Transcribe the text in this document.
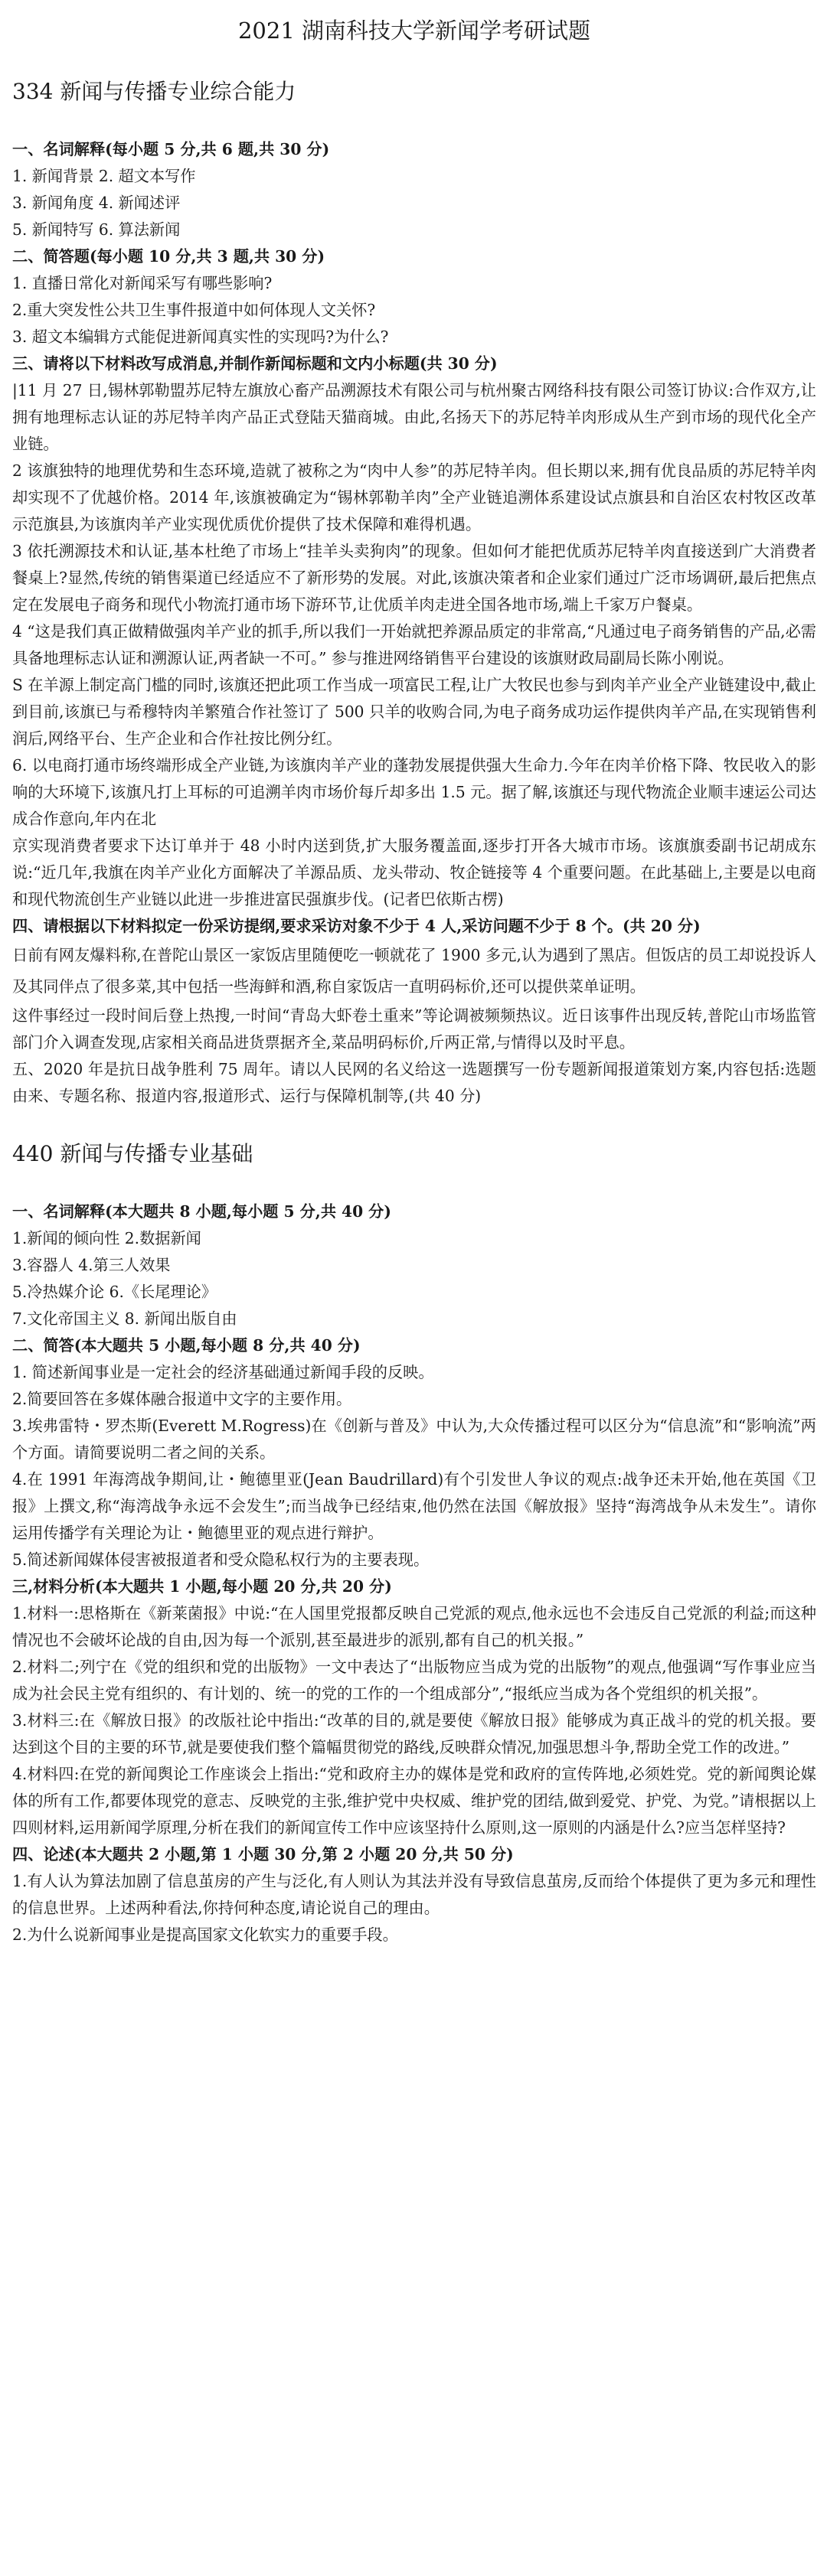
2021 湖南科技大学新闻学考研试题
334 新闻与传播专业综合能力
一、名词解释(每小题 5 分,共 6 题,共 30 分)
1. 新闻背景 2. 超文本写作
3. 新闻角度 4. 新闻述评
5. 新闻特写 6. 算法新闻
二、简答题(每小题 10 分,共 3 题,共 30 分)
1. 直播日常化对新闻采写有哪些影响?
2.重大突发性公共卫生事件报道中如何体现人文关怀?
3. 超文本编辑方式能促进新闻真实性的实现吗?为什么?
三、请将以下材料改写成消息,并制作新闻标题和文内小标题(共 30 分)
|11 月 27 日,锡林郭勒盟苏尼特左旗放心畜产品溯源技术有限公司与杭州聚古网络科技有限公司签订协议:合作双方,让拥有地理标志认证的苏尼特羊肉产品正式登陆天猫商城。由此,名扬天下的苏尼特羊肉形成从生产到市场的现代化全产业链。
2 该旗独特的地理优势和生态环境,造就了被称之为“肉中人参”的苏尼特羊肉。但长期以来,拥有优良品质的苏尼特羊肉却实现不了优越价格。2014 年,该旗被确定为“锡林郭勒羊肉”全产业链追溯体系建设试点旗县和自治区农村牧区改革示范旗县,为该旗肉羊产业实现优质优价提供了技术保障和难得机遇。
3 依托溯源技术和认证,基本杜绝了市场上“挂羊头卖狗肉”的现象。但如何才能把优质苏尼特羊肉直接送到广大消费者餐桌上?显然,传统的销售渠道已经适应不了新形势的发展。对此,该旗决策者和企业家们通过广泛市场调研,最后把焦点定在发展电子商务和现代小物流打通市场下游环节,让优质羊肉走进全国各地市场,端上千家万户餐桌。
4 “这是我们真正做精做强肉羊产业的抓手,所以我们一开始就把养源品质定的非常高,“凡通过电子商务销售的产品,必需具备地理标志认证和溯源认证,两者缺一不可。” 参与推进网络销售平台建设的该旗财政局副局长陈小刚说。
S 在羊源上制定高门槛的同时,该旗还把此项工作当成一项富民工程,让广大牧民也参与到肉羊产业全产业链建设中,截止到目前,该旗已与希穆特肉羊繁殖合作社签订了 500 只羊的收购合同,为电子商务成功运作提供肉羊产品,在实现销售利润后,网络平台、生产企业和合作社按比例分红。
6. 以电商打通市场终端形成全产业链,为该旗肉羊产业的蓬勃发展提供强大生命力.今年在肉羊价格下降、牧民收入的影响的大环境下,该旗凡打上耳标的可追溯羊肉市场价每斤却多出 1.5 元。据了解,该旗还与现代物流企业顺丰速运公司达成合作意向,年内在北
京实现消费者要求下达订单并于 48 小时内送到货,扩大服务覆盖面,逐步打开各大城市市场。该旗旗委副书记胡成东说:“近几年,我旗在肉羊产业化方面解决了羊源品质、龙头带动、牧企链接等 4 个重要问题。在此基础上,主要是以电商和现代物流创生产业链以此进一步推进富民强旗步伐。(记者巴依斯古楞)
四、请根据以下材料拟定一份采访提纲,要求采访对象不少于 4 人,采访问题不少于 8 个。(共 20 分)
日前有网友爆料称,在普陀山景区一家饭店里随便吃一顿就花了 1900 多元,认为遇到了黑店。但饭店的员工却说投诉人及其同伴点了很多菜,其中包括一些海鲜和酒,称自家饭店一直明码标价,还可以提供菜单证明。
这件事经过一段时间后登上热搜,一时间“青岛大虾卷土重来”等论调被频频热议。近日该事件出现反转,普陀山市场监管部门介入调查发现,店家相关商品进货票据齐全,菜品明码标价,斤两正常,与情得以及时平息。
五、2020 年是抗日战争胜利 75 周年。请以人民网的名义给这一选题撰写一份专题新闻报道策划方案,内容包括:选题由来、专题名称、报道内容,报道形式、运行与保障机制等,(共 40 分)
440 新闻与传播专业基础
一、名词解释(本大题共 8 小题,每小题 5 分,共 40 分)
1.新闻的倾向性 2.数据新闻
3.容器人 4.第三人效果
5.冷热媒介论 6.《长尾理论》
7.文化帝国主义 8. 新闻出版自由
二、简答(本大题共 5 小题,每小题 8 分,共 40 分)
1. 简述新闻事业是一定社会的经济基础通过新闻手段的反映。
2.简要回答在多媒体融合报道中文字的主要作用。
3.埃弗雷特・罗杰斯(Everett M.Rogress)在《创新与普及》中认为,大众传播过程可以区分为“信息流”和“影响流”两个方面。请简要说明二者之间的关系。
4.在 1991 年海湾战争期间,让・鲍德里亚(Jean Baudrillard)有个引发世人争议的观点:战争还未开始,他在英国《卫报》上撰文,称“海湾战争永远不会发生”;而当战争已经结束,他仍然在法国《解放报》坚持“海湾战争从未发生”。请你运用传播学有关理论为让・鲍德里亚的观点进行辩护。
5.简述新闻媒体侵害被报道者和受众隐私权行为的主要表现。
三,材料分析(本大题共 1 小题,每小题 20 分,共 20 分)
1.材料一:思格斯在《新莱菌报》中说:“在人国里党报都反映自己党派的观点,他永远也不会违反自己党派的利益;而这种情况也不会破坏论战的自由,因为每一个派别,甚至最进步的派别,都有自己的机关报。”
2.材料二;列宁在《党的组织和党的出版物》一文中表达了“出版物应当成为党的出版物”的观点,他强调“写作事业应当成为社会民主党有组织的、有计划的、统一的党的工作的一个组成部分”,“报纸应当成为各个党组织的机关报”。
3.材料三:在《解放日报》的改版社论中指出:“改革的目的,就是要使《解放日报》能够成为真正战斗的党的机关报。要达到这个目的主要的环节,就是要使我们整个篇幅贯彻党的路线,反映群众情况,加强思想斗争,帮助全党工作的改进。”
4.材料四:在党的新闻舆论工作座谈会上指出:“党和政府主办的媒体是党和政府的宣传阵地,必须姓党。党的新闻舆论媒体的所有工作,都要体现党的意志、反映党的主张,维护党中央权威、维护党的团结,做到爱党、护党、为党。”请根据以上四则材料,运用新闻学原理,分析在我们的新闻宣传工作中应该坚持什么原则,这一原则的内涵是什么?应当怎样坚持?
四、论述(本大题共 2 小题,第 1 小题 30 分,第 2 小题 20 分,共 50 分)
1.有人认为算法加剧了信息茧房的产生与泛化,有人则认为其法并没有导致信息茧房,反而给个体提供了更为多元和理性的信息世界。上述两种看法,你持何种态度,请论说自己的理由。
2.为什么说新闻事业是提高国家文化软实力的重要手段。
